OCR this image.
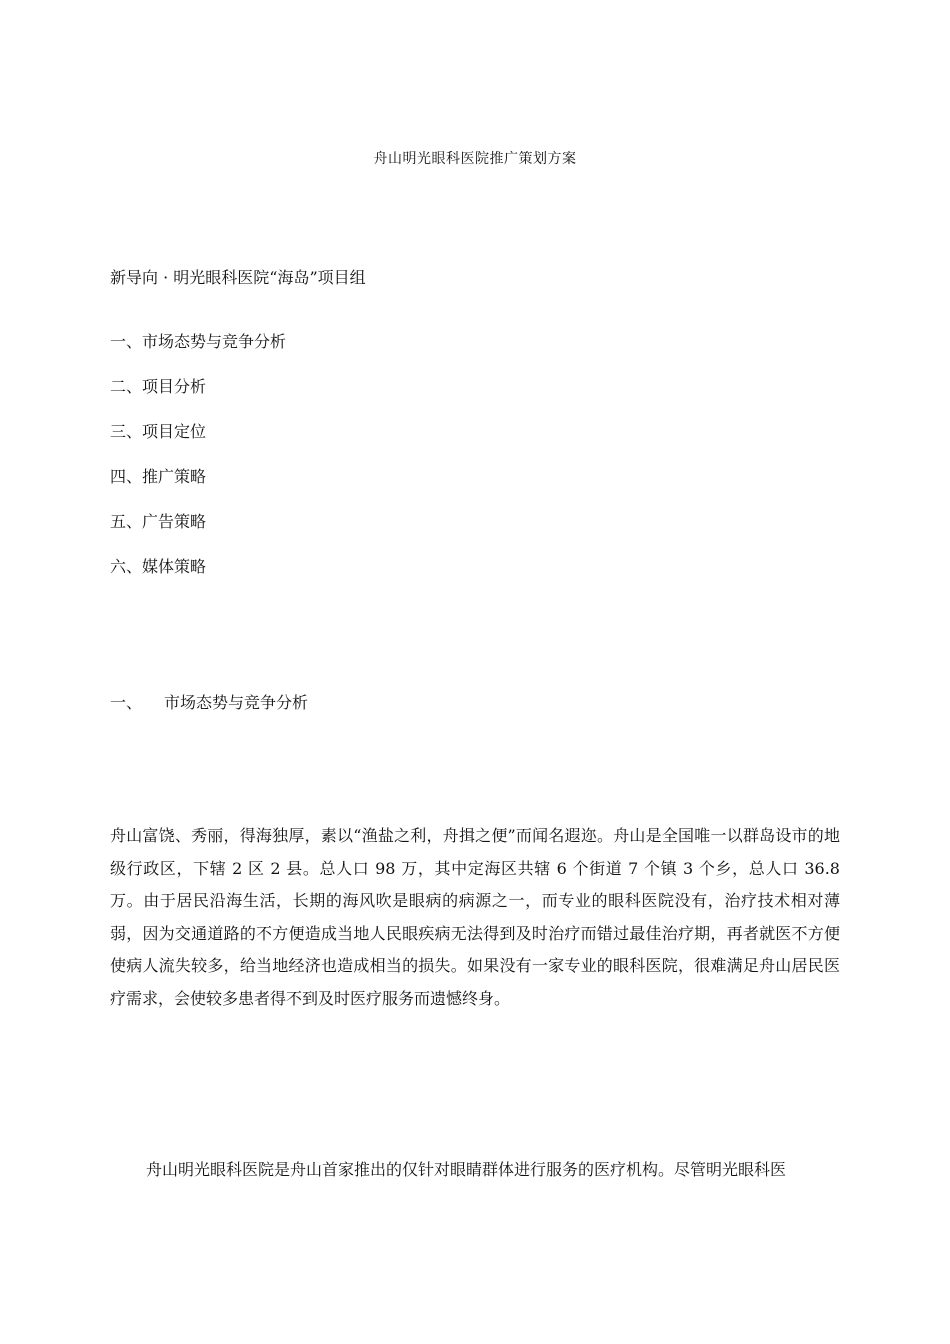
舟山明光眼科医院推广策划方案
新导向 · 明光眼科医院“海岛”项目组
一、市场态势与竞争分析
二、项目分析
三、项目定位
四、推广策略
五、广告策略
六、媒体策略
一、	市场态势与竞争分析

舟山富饶、秀丽，得海独厚，素以“渔盐之利，舟揖之便”而闻名遐迩。舟山是全国唯一以群岛设市的地级行政区，下辖 2 区 2 县。总人口 98 万，其中定海区共辖 6 个街道 7 个镇 3 个乡，总人口 36.8 万。由于居民沿海生活，长期的海风吹是眼病的病源之一，而专业的眼科医院没有，治疗技术相对薄弱，因为交通道路的不方便造成当地人民眼疾病无法得到及时治疗而错过最佳治疗期，再者就医不方便使病人流失较多，给当地经济也造成相当的损失。如果没有一家专业的眼科医院，很难满足舟山居民医疗需求，会使较多患者得不到及时医疗服务而遗憾终身。

舟山明光眼科医院是舟山首家推出的仅针对眼睛群体进行服务的医疗机构。尽管明光眼科医
